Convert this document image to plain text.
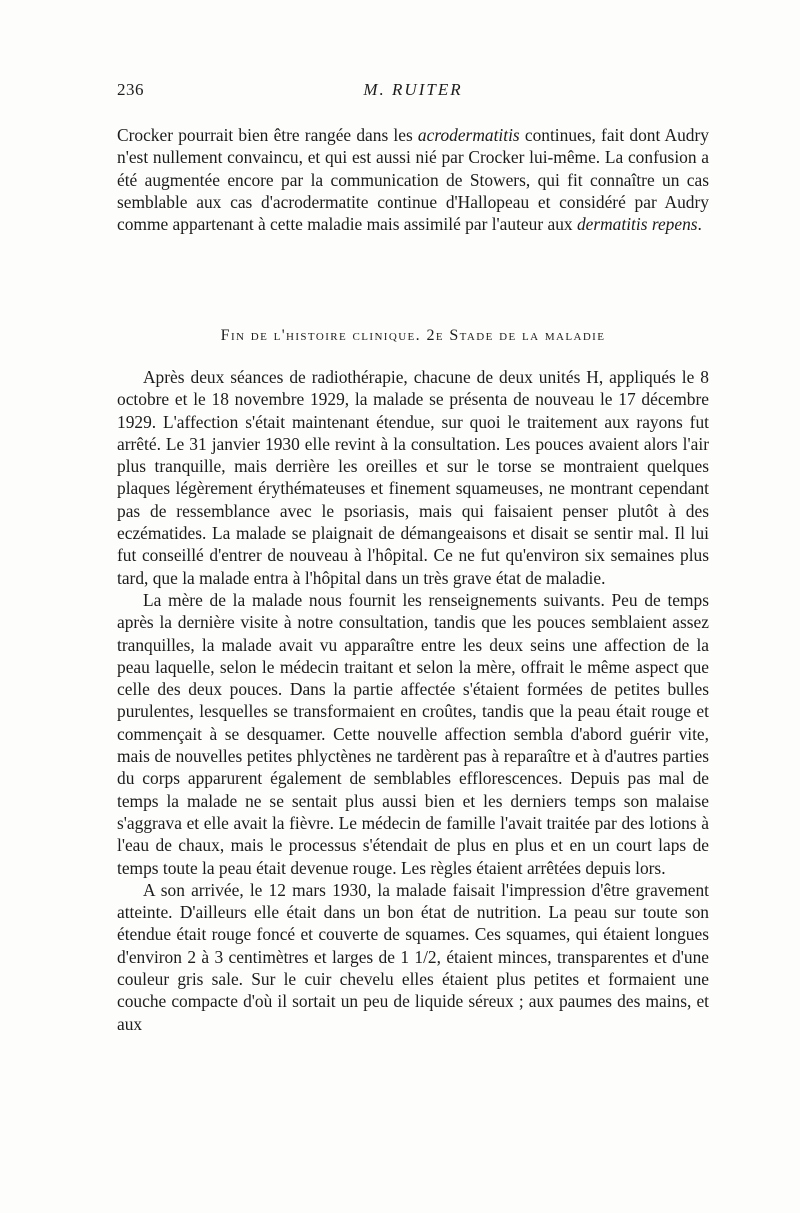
236	M. RUITER

Crocker pourrait bien être rangée dans les acrodermatitis continues, fait dont Audry n'est nullement convaincu, et qui est aussi nié par Crocker lui-même. La confusion a été augmentée encore par la communication de Stowers, qui fit connaître un cas semblable aux cas d'acrodermatite continue d'Hallopeau et considéré par Audry comme appartenant à cette maladie mais assimilé par l'auteur aux dermatitis repens.

Fin de l'histoire clinique. 2e Stade de la maladie

Après deux séances de radiothérapie, chacune de deux unités H, appliqués le 8 octobre et le 18 novembre 1929, la malade se présenta de nouveau le 17 décembre 1929. L'affection s'était maintenant étendue, sur quoi le traitement aux rayons fut arrêté. Le 31 janvier 1930 elle revint à la consultation. Les pouces avaient alors l'air plus tranquille, mais derrière les oreilles et sur le torse se montraient quelques plaques légèrement érythémateuses et finement squameuses, ne montrant cependant pas de ressemblance avec le psoriasis, mais qui faisaient penser plutôt à des eczématides. La malade se plaignait de démangeaisons et disait se sentir mal. Il lui fut conseillé d'entrer de nouveau à l'hôpital. Ce ne fut qu'environ six semaines plus tard, que la malade entra à l'hôpital dans un très grave état de maladie.

La mère de la malade nous fournit les renseignements suivants. Peu de temps après la dernière visite à notre consultation, tandis que les pouces semblaient assez tranquilles, la malade avait vu apparaître entre les deux seins une affection de la peau laquelle, selon le médecin traitant et selon la mère, offrait le même aspect que celle des deux pouces. Dans la partie affectée s'étaient formées de petites bulles purulentes, lesquelles se transformaient en croûtes, tandis que la peau était rouge et commençait à se desquamer. Cette nouvelle affection sembla d'abord guérir vite, mais de nouvelles petites phlyctènes ne tardèrent pas à reparaître et à d'autres parties du corps apparurent également de semblables efflorescences. Depuis pas mal de temps la malade ne se sentait plus aussi bien et les derniers temps son malaise s'aggrava et elle avait la fièvre. Le médecin de famille l'avait traitée par des lotions à l'eau de chaux, mais le processus s'étendait de plus en plus et en un court laps de temps toute la peau était devenue rouge. Les règles étaient arrêtées depuis lors.

A son arrivée, le 12 mars 1930, la malade faisait l'impression d'être gravement atteinte. D'ailleurs elle était dans un bon état de nutrition. La peau sur toute son étendue était rouge foncé et couverte de squames. Ces squames, qui étaient longues d'environ 2 à 3 centimètres et larges de 1 1/2, étaient minces, transparentes et d'une couleur gris sale. Sur le cuir chevelu elles étaient plus petites et formaient une couche compacte d'où il sortait un peu de liquide séreux ; aux paumes des mains, et aux
